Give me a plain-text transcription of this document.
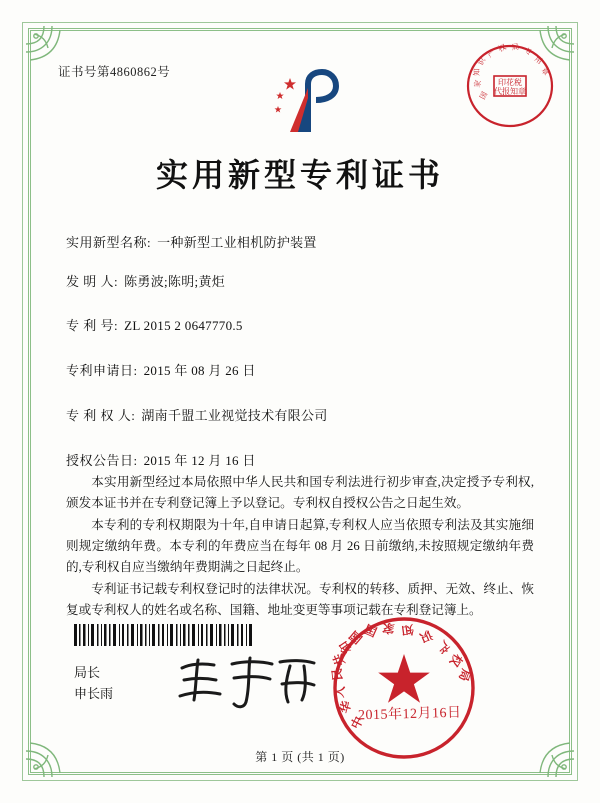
证书号第4860862号
印花税
代报知章
国
家
知
识
产 权 局 专
用
章
实用新型专利证书
实用新型名称: 一种新型工业相机防护装置
发 明 人: 陈勇波;陈明;黄炬
专 利 号: ZL 2015 2 0647770.5
专利申请日: 2015 年 08 月 26 日
专 利 权 人: 湖南千盟工业视觉技术有限公司
授权公告日: 2015 年 12 月 16 日

本实用新型经过本局依照中华人民共和国专利法进行初步审查,决定授予专利权,颁发本证书并在专利登记簿上予以登记。专利权自授权公告之日起生效。

本专利的专利权期限为十年,自申请日起算,专利权人应当依照专利法及其实施细则规定缴纳年费。本专利的年费应当在每年 08 月 26 日前缴纳,未按照规定缴纳年费的,专利权自应当缴纳年费期满之日起终止。

专利证书记载专利权登记时的法律状况。专利权的转移、质押、无效、终止、恢复或专利权人的姓名或名称、国籍、地址变更等事项记载在专利登记簿上。

局长
申长雨
中
华
人
民
共
和
国
国 家 知 识
产
权
局
2015年12月16日
第 1 页 (共 1 页)
